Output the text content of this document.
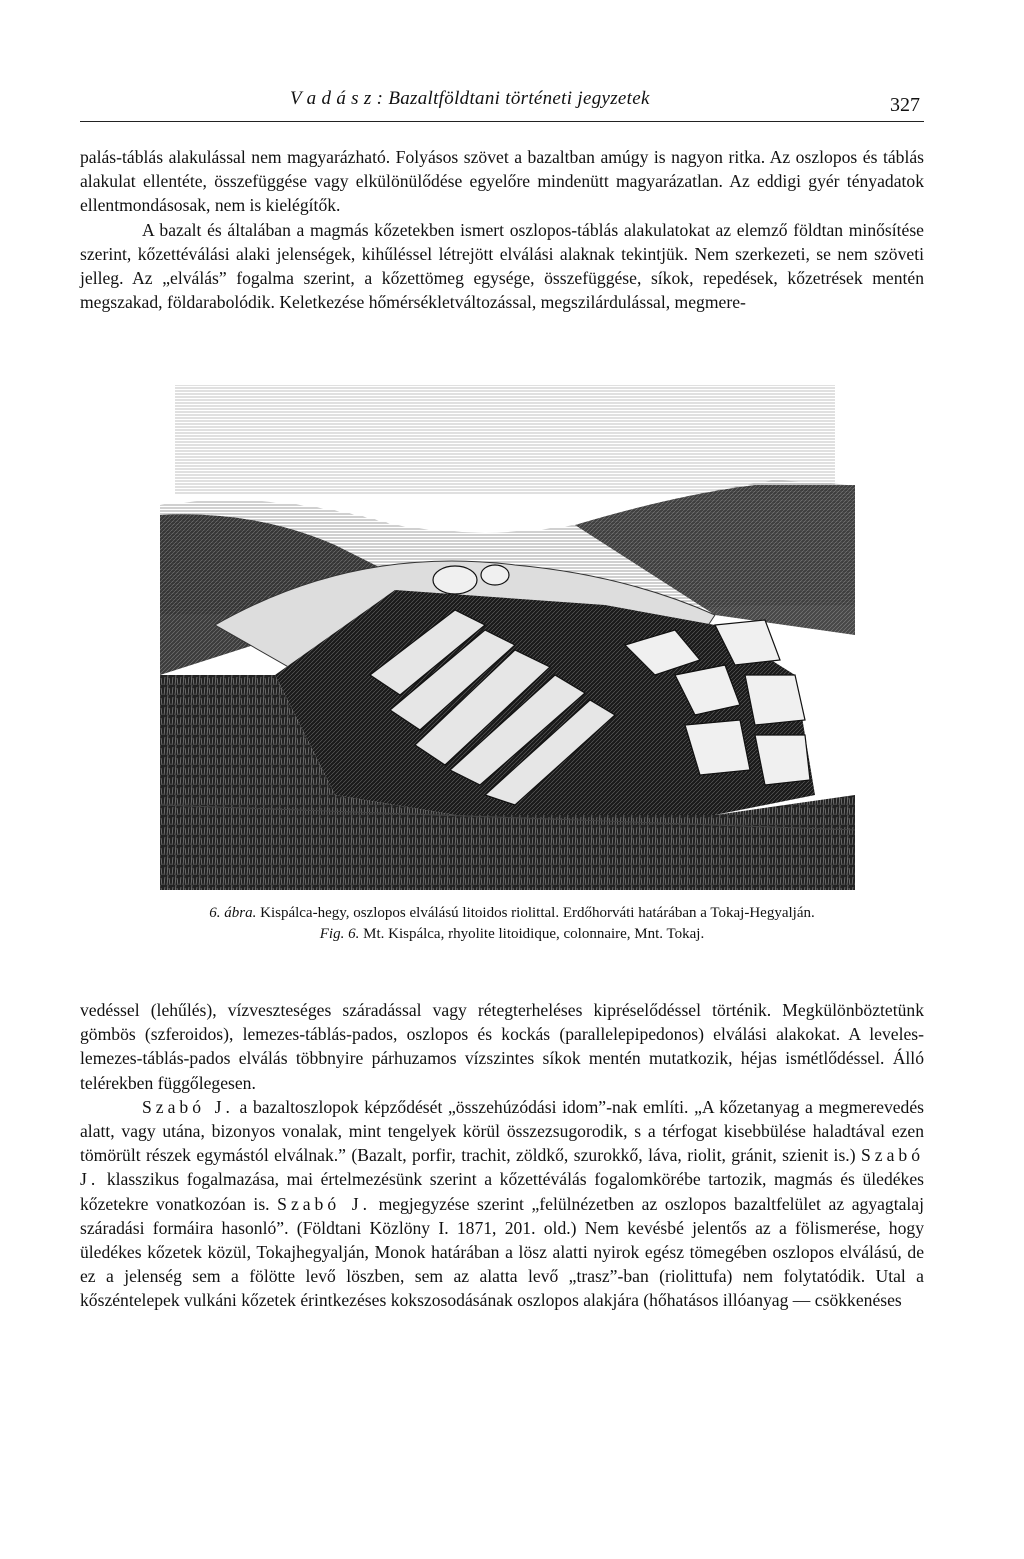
V a d á s z : Bazaltföldtani történeti jegyzetek	327

palás-táblás alakulással nem magyarázható. Folyásos szövet a bazaltban amúgy is nagyon ritka. Az oszlopos és táblás alakulat ellentéte, összefüggése vagy elkülönülődése egyelőre mindenütt magyarázatlan. Az eddigi gyér tényadatok ellentmondásosak, nem is kielégítők.

A bazalt és általában a magmás kőzetekben ismert oszlopos-táblás alakulatokat az elemző földtan minősítése szerint, kőzettéválási alaki jelenségek, kihűléssel létrejött elválási alaknak tekintjük. Nem szerkezeti, se nem szöveti jelleg. Az „elválás” fogalma szerint, a kőzettömeg egysége, összefüggése, síkok, repedések, kőzetrések mentén megszakad, földarabolódik. Keletkezése hőmérsékletváltozással, megszilárdulással, megmere-

6. ábra. Kispálca-hegy, oszlopos elválású litoidos riolittal. Erdőhorváti határában a Tokaj-Hegyalján.
Fig. 6. Mt. Kispálca, rhyolite litoidique, colonnaire, Mnt. Tokaj.

vedéssel (lehűlés), vízveszteséges száradással vagy rétegterheléses kipréselődéssel történik. Megkülönböztetünk gömbös (szferoidos), lemezes-táblás-pados, oszlopos és kockás (parallelepipedonos) elválási alakokat. A leveles-lemezes-táblás-pados elválás többnyire párhuzamos vízszintes síkok mentén mutatkozik, héjas ismétlődéssel. Álló telérekben függőlegesen.

Szabó J. a bazaltoszlopok képződését „összehúzódási idom”-nak említi. „A kőzetanyag a megmerevedés alatt, vagy utána, bizonyos vonalak, mint tengelyek körül összezsugorodik, s a térfogat kisebbülése haladtával ezen tömörült részek egymástól elválnak.” (Bazalt, porfir, trachit, zöldkő, szurokkő, láva, riolit, gránit, szienit is.) Szabó J. klasszikus fogalmazása, mai értelmezésünk szerint a kőzettéválás fogalomkörébe tartozik, magmás és üledékes kőzetekre vonatkozóan is. Szabó J. megjegyzése szerint „felülnézetben az oszlopos bazaltfelület az agyagtalaj száradási formáira hasonló”. (Földtani Közlöny I. 1871, 201. old.) Nem kevésbé jelentős az a fölismerése, hogy üledékes kőzetek közül, Tokajhegyalján, Monok határában a lösz alatti nyirok egész tömegében oszlopos elválású, de ez a jelenség sem a fölötte levő löszben, sem az alatta levő „trasz”-ban (riolittufa) nem folytatódik. Utal a kőszéntelepek vulkáni kőzetek érintkezéses kokszosodásának oszlopos alakjára (hőhatásos illóanyag — csökkenéses
